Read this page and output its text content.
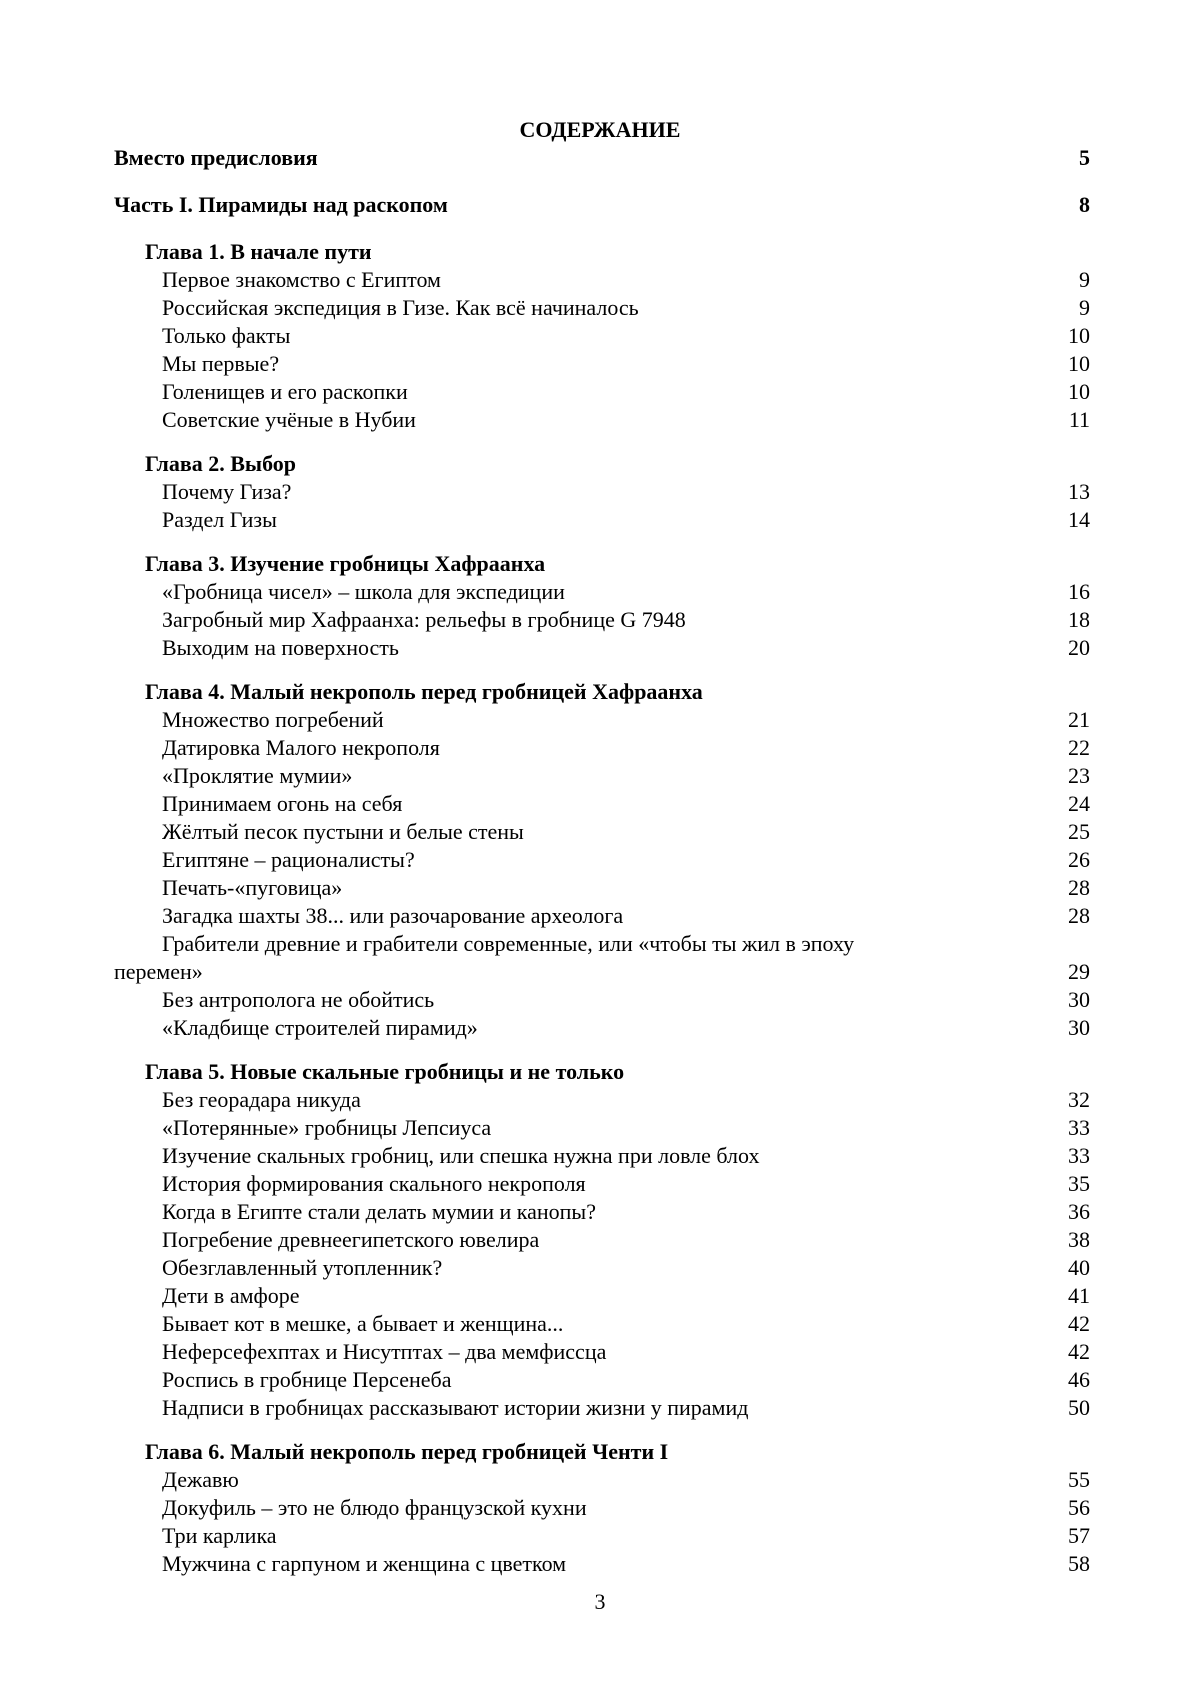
СОДЕРЖАНИЕ
Вместо предисловия	5
Часть I. Пирамиды над раскопом	8
Глава 1. В начале пути
Первое знакомство с Египтом	9
Российская экспедиция в Гизе. Как всё начиналось	9
Только факты	10
Мы первые?	10
Голенищев и его раскопки	10
Советские учёные в Нубии	11
Глава 2. Выбор
Почему Гиза?	13
Раздел Гизы	14
Глава 3. Изучение гробницы Хафраанха
«Гробница чисел» – школа для экспедиции	16
Загробный мир Хафраанха: рельефы в гробнице G 7948	18
Выходим на поверхность	20
Глава 4. Малый некрополь перед гробницей Хафраанха
Множество погребений	21
Датировка Малого некрополя	22
«Проклятие мумии»	23
Принимаем огонь на себя	24
Жёлтый песок пустыни и белые стены	25
Египтяне – рационалисты?	26
Печать-«пуговица»	28
Загадка шахты 38... или разочарование археолога	28
Грабители древние и грабители современные, или «чтобы ты жил в эпоху перемен»	29
Без антрополога не обойтись	30
«Кладбище строителей пирамид»	30
Глава 5. Новые скальные гробницы и не только
Без георадара никуда	32
«Потерянные» гробницы Лепсиуса	33
Изучение скальных гробниц, или спешка нужна при ловле блох	33
История формирования скального некрополя	35
Когда в Египте стали делать мумии и канопы?	36
Погребение древнеегипетского ювелира	38
Обезглавленный утопленник?	40
Дети в амфоре	41
Бывает кот в мешке, а бывает и женщина...	42
Неферсефехптах и Нисутптах – два мемфиссца	42
Роспись в гробнице Персенеба	46
Надписи в гробницах рассказывают истории жизни у пирамид	50
Глава 6. Малый некрополь перед гробницей Ченти I
Дежавю	55
Докуфиль – это не блюдо французской кухни	56
Три карлика	57
Мужчина с гарпуном и женщина с цветком	58
3
